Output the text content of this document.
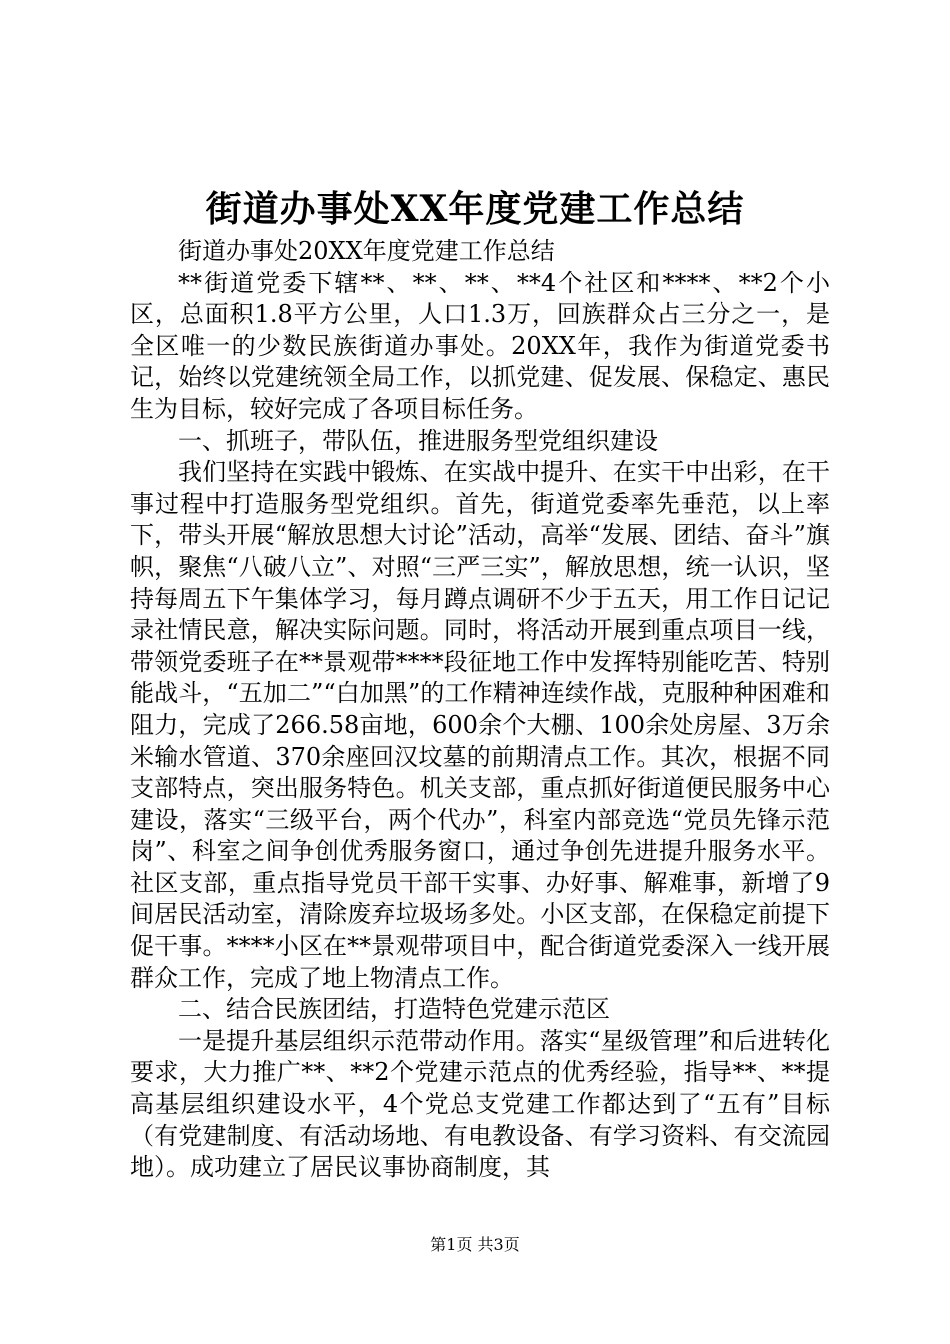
街道办事处XX年度党建工作总结

街道办事处20XX年度党建工作总结

**街道党委下辖**、**、**、**4个社区和****、**2个小区，总面积1.8平方公里，人口1.3万，回族群众占三分之一，是全区唯一的少数民族街道办事处。20XX年，我作为街道党委书记，始终以党建统领全局工作，以抓党建、促发展、保稳定、惠民生为目标，较好完成了各项目标任务。

一、抓班子，带队伍，推进服务型党组织建设

我们坚持在实践中锻炼、在实战中提升、在实干中出彩，在干事过程中打造服务型党组织。首先，街道党委率先垂范，以上率下，带头开展“解放思想大讨论”活动，高举“发展、团结、奋斗”旗帜，聚焦“八破八立”、对照“三严三实”，解放思想，统一认识，坚持每周五下午集体学习，每月蹲点调研不少于五天，用工作日记记录社情民意，解决实际问题。同时，将活动开展到重点项目一线，带领党委班子在**景观带****段征地工作中发挥特别能吃苦、特别能战斗，“五加二”“白加黑”的工作精神连续作战，克服种种困难和阻力，完成了266.58亩地，600余个大棚、100余处房屋、3万余米输水管道、370余座回汉坟墓的前期清点工作。其次，根据不同支部特点，突出服务特色。机关支部，重点抓好街道便民服务中心建设，落实“三级平台，两个代办”，科室内部竞选“党员先锋示范岗”、科室之间争创优秀服务窗口，通过争创先进提升服务水平。社区支部，重点指导党员干部干实事、办好事、解难事，新增了9间居民活动室，清除废弃垃圾场多处。小区支部，在保稳定前提下促干事。****小区在**景观带项目中，配合街道党委深入一线开展群众工作，完成了地上物清点工作。

二、结合民族团结，打造特色党建示范区

一是提升基层组织示范带动作用。落实“星级管理”和后进转化要求，大力推广**、**2个党建示范点的优秀经验，指导**、**提高基层组织建设水平，4个党总支党建工作都达到了“五有”目标（有党建制度、有活动场地、有电教设备、有学习资料、有交流园地）。成功建立了居民议事协商制度，其

第1页 共3页
